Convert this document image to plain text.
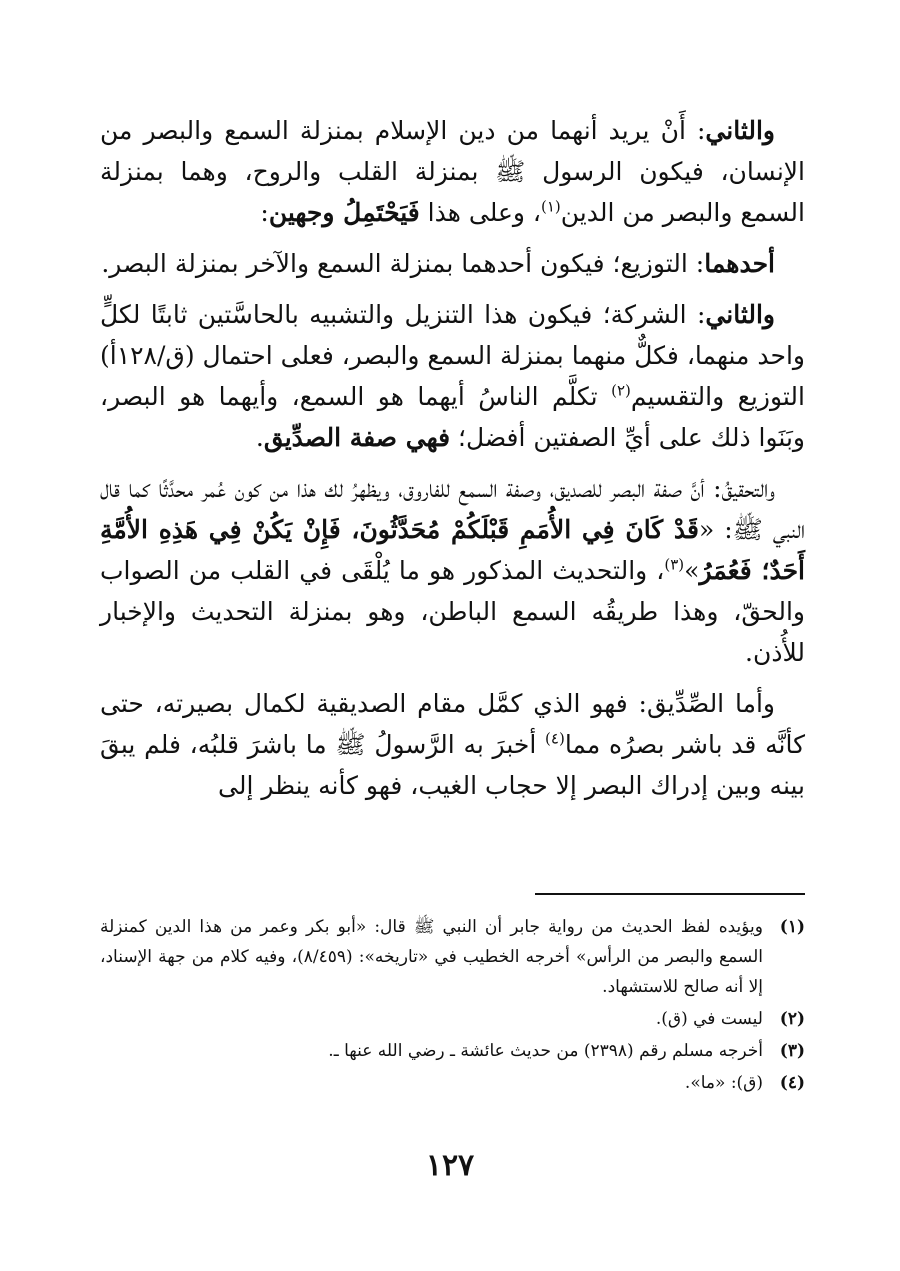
والثاني: أَنْ يريد أنهما من دين الإسلام بمنزلة السمع والبصر من الإنسان، فيكون الرسول ﷺ بمنزلة القلب والروح، وهما بمنزلة السمع والبصر من الدين$^{(١)}$، وعلى هذا فَيَحْتَمِلُ وجهين:

أحدهما: التوزيع؛ فيكون أحدهما بمنزلة السمع والآخر بمنزلة البصر.

والثاني: الشركة؛ فيكون هذا التنزيل والتشبيه بالحاسَّتين ثابتًا لكلٍّ واحد منهما، فكلٌّ منهما بمنزلة السمع والبصر، فعلى احتمال (ق/١٢٨أ) التوزيع والتقسيم$^{(٢)}$ تكلَّم الناسُ أيهما هو السمع، وأيهما هو البصر، وبَنَوا ذلك على أيِّ الصفتين أفضل؛ فهي صفة الصدِّيق.

والتحقيقُ: أنَّ صفة البصر للصديق، وصفة السمع للفاروق، ويظهرُ لك هذا من كون عُمر محدَّثًا كما قال النبي ﷺ: «قَدْ كَانَ فِي الأُمَمِ قَبْلَكُمْ مُحَدَّثُونَ، فَإِنْ يَكُنْ فِي هَذِهِ الأُمَّةِ أَحَدٌ؛ فَعُمَرُ»$^{(٣)}$، والتحديث المذكور هو ما يُلْقَى في القلب من الصواب والحقّ، وهذا طريقُه السمع الباطن، وهو بمنزلة التحديث والإخبار للأُذن.

وأما الصِّدِّيق: فهو الذي كمَّل مقام الصديقية لكمال بصيرته، حتى كأنَّه قد باشر بصرُه مما$^{(٤)}$ أخبرَ به الرَّسولُ ﷺ ما باشرَ قلبُه، فلم يبقَ بينه وبين إدراك البصر إلا حجاب الغيب، فهو كأنه ينظر إلى

(١)
ويؤيده لفظ الحديث من رواية جابر أن النبي ﷺ قال: «أبو بكر وعمر من هذا الدين كمنزلة السمع والبصر من الرأس» أخرجه الخطيب في «تاريخه»: (٨/٤٥٩)، وفيه كلام من جهة الإسناد، إلا أنه صالح للاستشهاد.
(٢)
ليست في (ق).
(٣)
أخرجه مسلم رقم (٢٣٩٨) من حديث عائشة ـ رضي الله عنها ـ.
(٤)
(ق): «ما».
١٢٧
